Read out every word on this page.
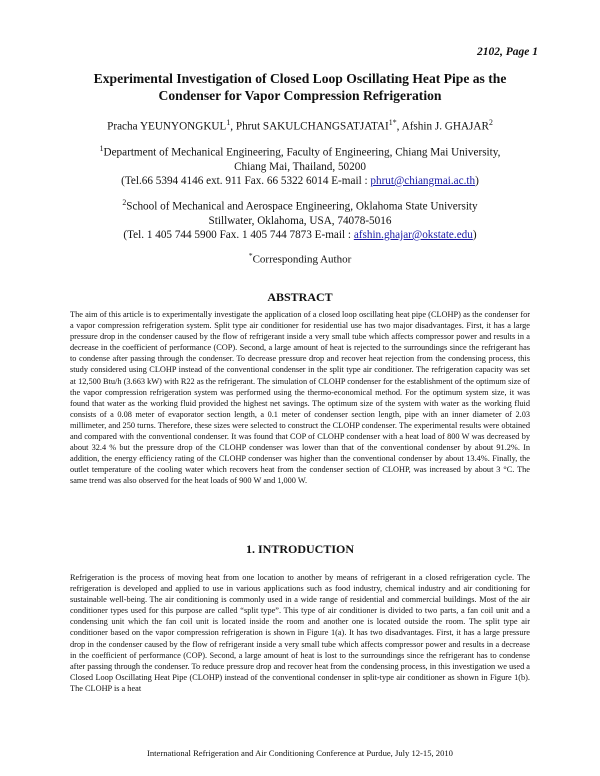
2102, Page 1
Experimental Investigation of Closed Loop Oscillating Heat Pipe as the
Condenser for Vapor Compression Refrigeration
Pracha YEUNYONGKUL$^1$, Phrut $SAKULCHANGSATJATAI^{1*}$, Afshin J. GHAJAR$^2$
$^1$Department of Mechanical Engineering, Faculty of Engineering, Chiang Mai University,
Chiang Mai, Thailand, 50200
(Tel.66 5394 4146 ext. 911 Fax. 66 5322 6014 E-mail : phrut@chiangmai.ac.th)
$^2$School of Mechanical and Aerospace Engineering, Oklahoma State University
Stillwater, Oklahoma, USA, 74078-5016
(Tel. 1 405 744 5900 Fax. 1 405 744 7873 E-mail : afshin.ghajar@okstate.edu)
*Corresponding Author
ABSTRACT
The aim of this article is to experimentally investigate the application of a closed loop oscillating heat pipe (CLOHP) as the condenser for a vapor compression refrigeration system. Split type air conditioner for residential use has two major disadvantages. First, it has a large pressure drop in the condenser caused by the flow of refrigerant inside a very small tube which affects compressor power and results in a decrease in the coefficient of performance (COP). Second, a large amount of heat is rejected to the surroundings since the refrigerant has to condense after passing through the condenser. To decrease pressure drop and recover heat rejection from the condensing process, this study considered using CLOHP instead of the conventional condenser in the split type air conditioner. The refrigeration capacity was set at 12,500 Btu/h (3.663 kW) with R22 as the refrigerant. The simulation of CLOHP condenser for the establishment of the optimum size of the vapor compression refrigeration system was performed using the thermo-economical method. For the optimum system size, it was found that water as the working fluid provided the highest net savings. The optimum size of the system with water as the working fluid consists of a 0.08 meter of evaporator section length, a 0.1 meter of condenser section length, pipe with an inner diameter of 2.03 millimeter, and 250 turns. Therefore, these sizes were selected to construct the CLOHP condenser. The experimental results were obtained and compared with the conventional condenser. It was found that COP of CLOHP condenser with a heat load of 800 W was decreased by about 32.4 % but the pressure drop of the CLOHP condenser was lower than that of the conventional condenser by about 91.2%. In addition, the energy efficiency rating of the CLOHP condenser was higher than the conventional condenser by about 13.4%. Finally, the outlet temperature of the cooling water which recovers heat from the condenser section of CLOHP, was increased by about 3 °C. The same trend was also observed for the heat loads of 900 W and 1,000 W.
1. INTRODUCTION
Refrigeration is the process of moving heat from one location to another by means of refrigerant in a closed refrigeration cycle. The refrigeration is developed and applied to use in various applications such as food industry, chemical industry and air conditioning for sustainable well-being. The air conditioning is commonly used in a wide range of residential and commercial buildings. Most of the air conditioner types used for this purpose are called “split type”. This type of air conditioner is divided to two parts, a fan coil unit and a condensing unit which the fan coil unit is located inside the room and another one is located outside the room. The split type air conditioner based on the vapor compression refrigeration is shown in Figure 1(a). It has two disadvantages. First, it has a large pressure drop in the condenser caused by the flow of refrigerant inside a very small tube which affects compressor power and results in a decrease in the coefficient of performance (COP). Second, a large amount of heat is lost to the surroundings since the refrigerant has to condense after passing through the condenser. To reduce pressure drop and recover heat from the condensing process, in this investigation we used a Closed Loop Oscillating Heat Pipe (CLOHP) instead of the conventional condenser in split-type air conditioner as shown in Figure 1(b). The CLOHP is a heat
International Refrigeration and Air Conditioning Conference at Purdue, July 12-15, 2010
